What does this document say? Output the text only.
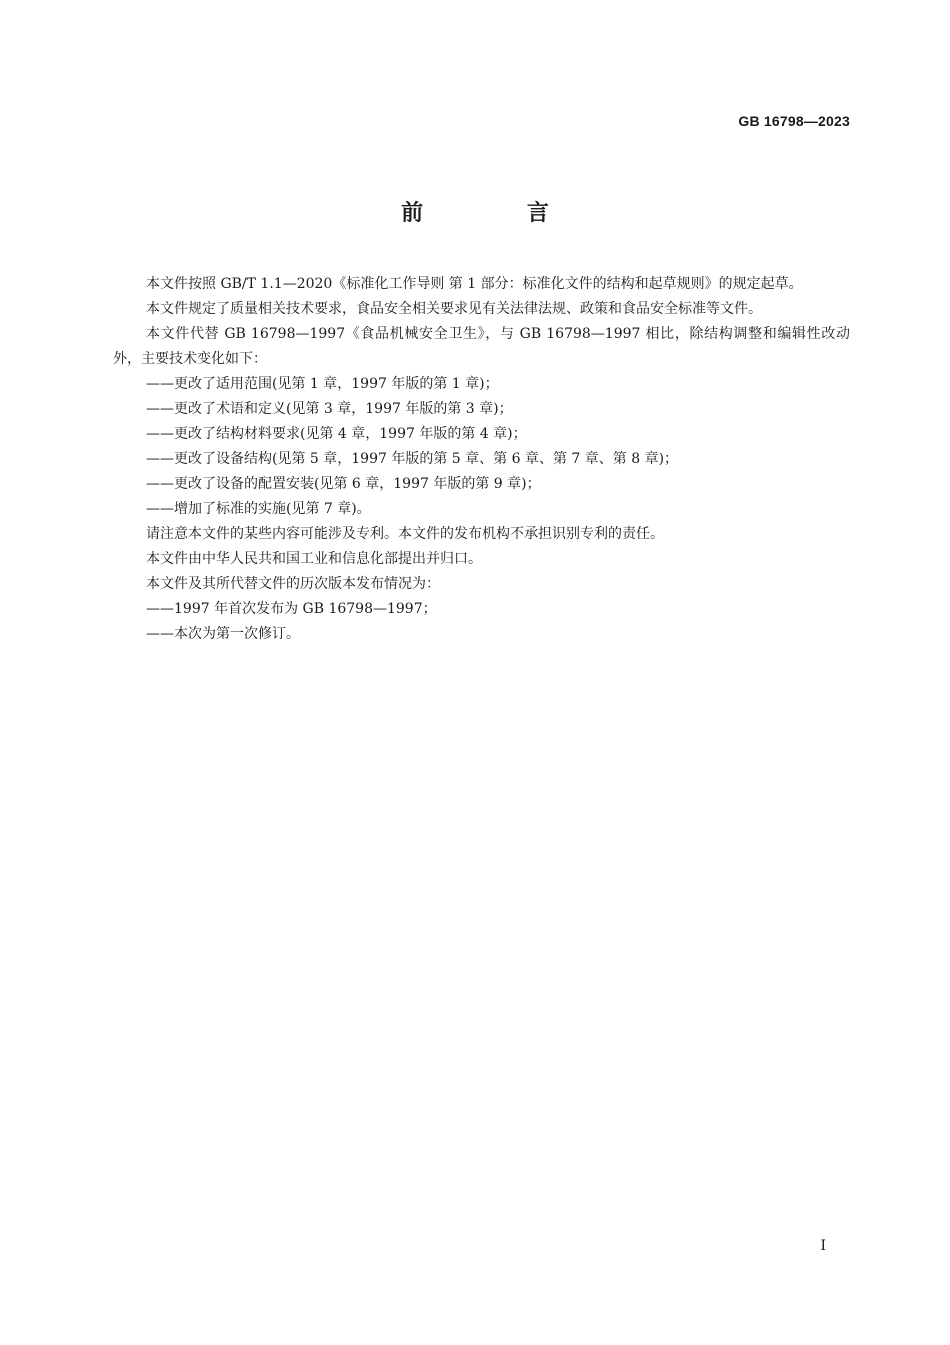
GB 16798—2023
前 言

本文件按照 GB/T 1.1—2020《标准化工作导则 第 1 部分：标准化文件的结构和起草规则》的规定起草。

本文件规定了质量相关技术要求，食品安全相关要求见有关法律法规、政策和食品安全标准等文件。

本文件代替 GB 16798—1997《食品机械安全卫生》，与 GB 16798—1997 相比，除结构调整和编辑性改动外，主要技术变化如下：

——更改了适用范围(见第 1 章，1997 年版的第 1 章)；

——更改了术语和定义(见第 3 章，1997 年版的第 3 章)；

——更改了结构材料要求(见第 4 章，1997 年版的第 4 章)；

——更改了设备结构(见第 5 章，1997 年版的第 5 章、第 6 章、第 7 章、第 8 章)；

——更改了设备的配置安装(见第 6 章，1997 年版的第 9 章)；

——增加了标准的实施(见第 7 章)。

请注意本文件的某些内容可能涉及专利。本文件的发布机构不承担识别专利的责任。

本文件由中华人民共和国工业和信息化部提出并归口。

本文件及其所代替文件的历次版本发布情况为：

——1997 年首次发布为 GB 16798—1997；

——本次为第一次修订。

I
